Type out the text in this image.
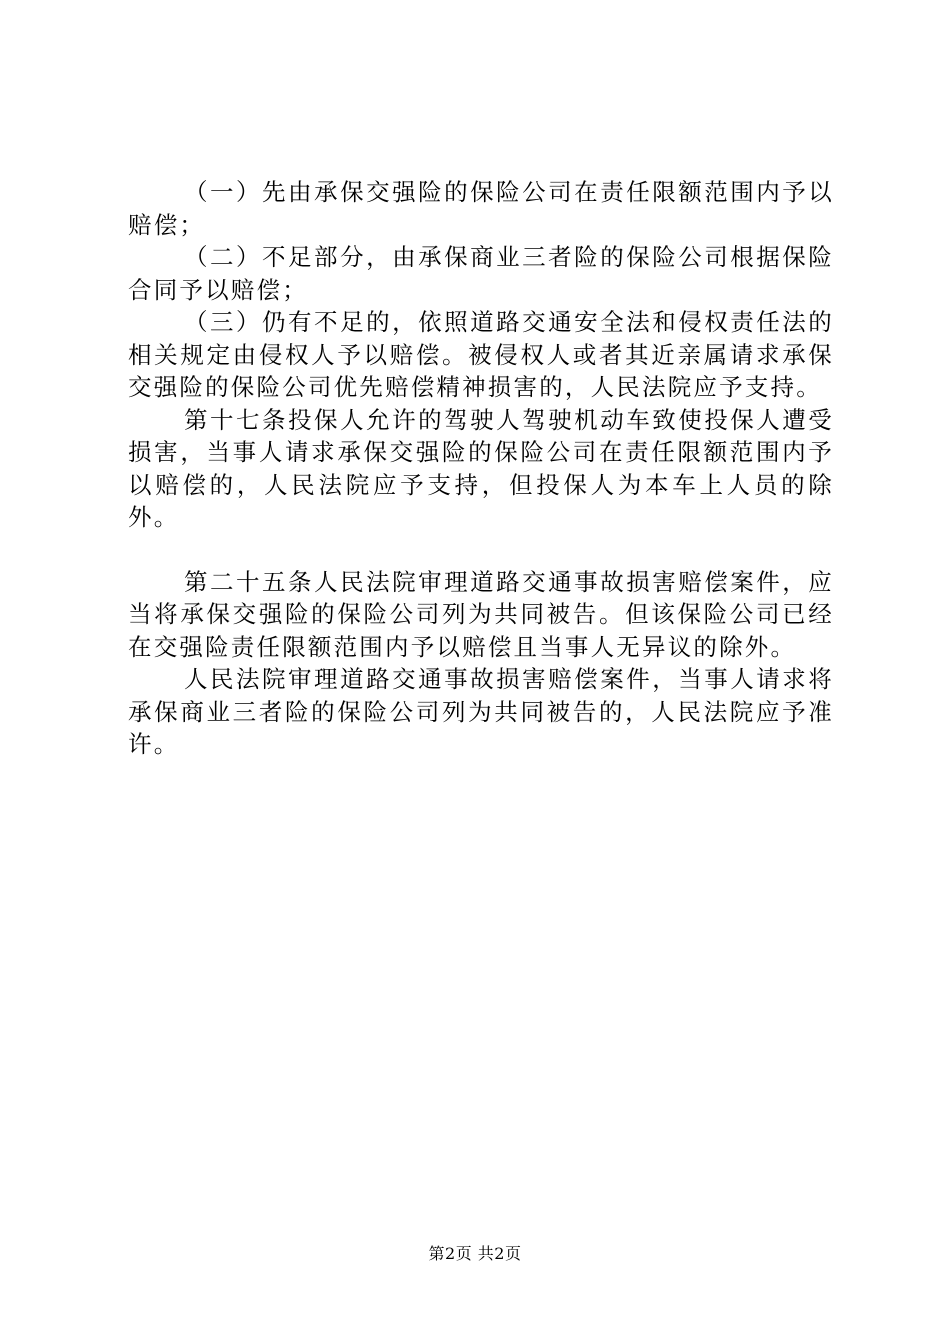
（一）先由承保交强险的保险公司在责任限额范围内予以赔偿；

（二）不足部分，由承保商业三者险的保险公司根据保险合同予以赔偿；

（三）仍有不足的，依照道路交通安全法和侵权责任法的相关规定由侵权人予以赔偿。被侵权人或者其近亲属请求承保交强险的保险公司优先赔偿精神损害的，人民法院应予支持。

第十七条投保人允许的驾驶人驾驶机动车致使投保人遭受损害，当事人请求承保交强险的保险公司在责任限额范围内予以赔偿的，人民法院应予支持，但投保人为本车上人员的除外。

第二十五条人民法院审理道路交通事故损害赔偿案件，应当将承保交强险的保险公司列为共同被告。但该保险公司已经在交强险责任限额范围内予以赔偿且当事人无异议的除外。

人民法院审理道路交通事故损害赔偿案件，当事人请求将承保商业三者险的保险公司列为共同被告的，人民法院应予准许。

第2页 共2页
